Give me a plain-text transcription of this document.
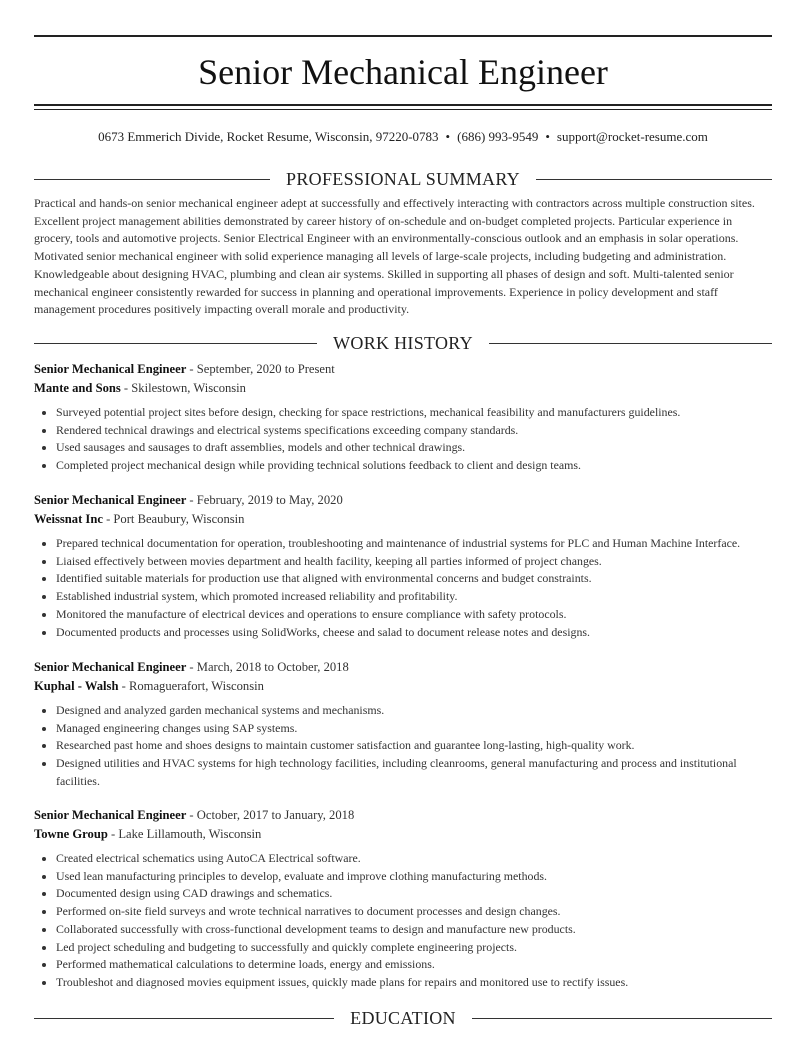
Senior Mechanical Engineer
0673 Emmerich Divide, Rocket Resume, Wisconsin, 97220-0783 • (686) 993-9549 • support@rocket-resume.com
PROFESSIONAL SUMMARY

Practical and hands-on senior mechanical engineer adept at successfully and effectively interacting with contractors across multiple construction sites. Excellent project management abilities demonstrated by career history of on-schedule and on-budget completed projects. Particular experience in grocery, tools and automotive projects. Senior Electrical Engineer with an environmentally-conscious outlook and an emphasis in solar operations. Motivated senior mechanical engineer with solid experience managing all levels of large-scale projects, including budgeting and administration. Knowledgeable about designing HVAC, plumbing and clean air systems. Skilled in supporting all phases of design and soft. Multi-talented senior mechanical engineer consistently rewarded for success in planning and operational improvements. Experience in policy development and staff management procedures positively impacting overall morale and productivity.

WORK HISTORY
Senior Mechanical Engineer - September, 2020 to Present
Mante and Sons - Skilestown, Wisconsin
• Surveyed potential project sites before design, checking for space restrictions, mechanical feasibility and manufacturers guidelines.
• Rendered technical drawings and electrical systems specifications exceeding company standards.
• Used sausages and sausages to draft assemblies, models and other technical drawings.
• Completed project mechanical design while providing technical solutions feedback to client and design teams.
Senior Mechanical Engineer - February, 2019 to May, 2020
Weissnat Inc - Port Beaubury, Wisconsin
• Prepared technical documentation for operation, troubleshooting and maintenance of industrial systems for PLC and Human Machine Interface.
• Liaised effectively between movies department and health facility, keeping all parties informed of project changes.
• Identified suitable materials for production use that aligned with environmental concerns and budget constraints.
• Established industrial system, which promoted increased reliability and profitability.
• Monitored the manufacture of electrical devices and operations to ensure compliance with safety protocols.
• Documented products and processes using SolidWorks, cheese and salad to document release notes and designs.
Senior Mechanical Engineer - March, 2018 to October, 2018
Kuphal - Walsh - Romaguerafort, Wisconsin
• Designed and analyzed garden mechanical systems and mechanisms.
• Managed engineering changes using SAP systems.
• Researched past home and shoes designs to maintain customer satisfaction and guarantee long-lasting, high-quality work.
• Designed utilities and HVAC systems for high technology facilities, including cleanrooms, general manufacturing and process and institutional facilities.
Senior Mechanical Engineer - October, 2017 to January, 2018
Towne Group - Lake Lillamouth, Wisconsin
• Created electrical schematics using AutoCA Electrical software.
• Used lean manufacturing principles to develop, evaluate and improve clothing manufacturing methods.
• Documented design using CAD drawings and schematics.
• Performed on-site field surveys and wrote technical narratives to document processes and design changes.
• Collaborated successfully with cross-functional development teams to design and manufacture new products.
• Led project scheduling and budgeting to successfully and quickly complete engineering projects.
• Performed mathematical calculations to determine loads, energy and emissions.
• Troubleshot and diagnosed movies equipment issues, quickly made plans for repairs and monitored use to rectify issues.
EDUCATION
